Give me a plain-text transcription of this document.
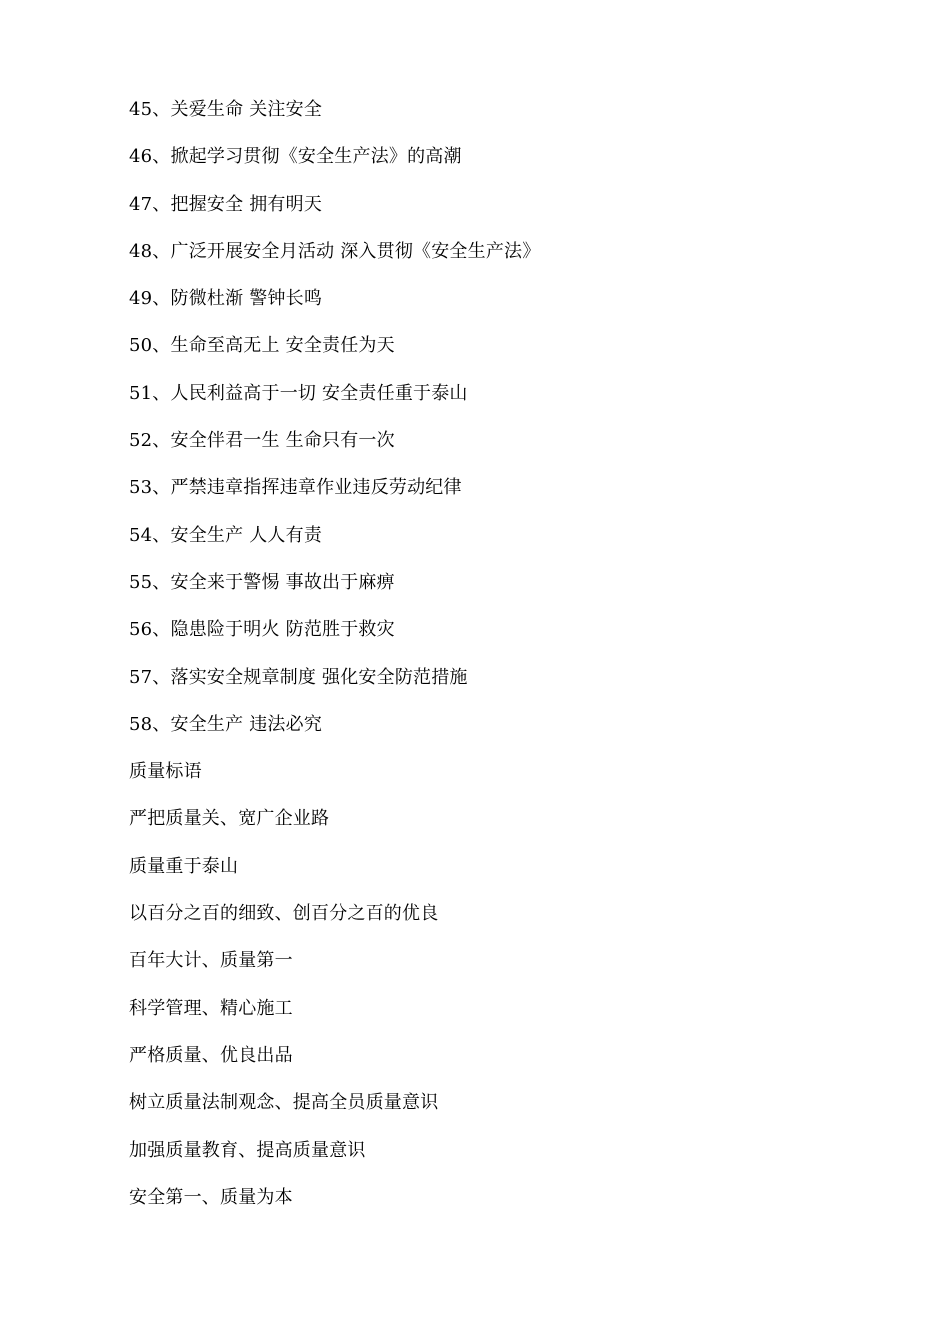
45、关爱生命 关注安全
46、掀起学习贯彻《安全生产法》的高潮
47、把握安全 拥有明天
48、广泛开展安全月活动 深入贯彻《安全生产法》
49、防微杜渐 警钟长鸣
50、生命至高无上 安全责任为天
51、人民利益高于一切 安全责任重于泰山
52、安全伴君一生 生命只有一次
53、严禁违章指挥违章作业违反劳动纪律
54、安全生产 人人有责
55、安全来于警惕 事故出于麻痹
56、隐患险于明火 防范胜于救灾
57、落实安全规章制度 强化安全防范措施
58、安全生产 违法必究
质量标语
严把质量关、宽广企业路
质量重于泰山
以百分之百的细致、创百分之百的优良
百年大计、质量第一
科学管理、精心施工
严格质量、优良出品
树立质量法制观念、提高全员质量意识
加强质量教育、提高质量意识
安全第一、质量为本
